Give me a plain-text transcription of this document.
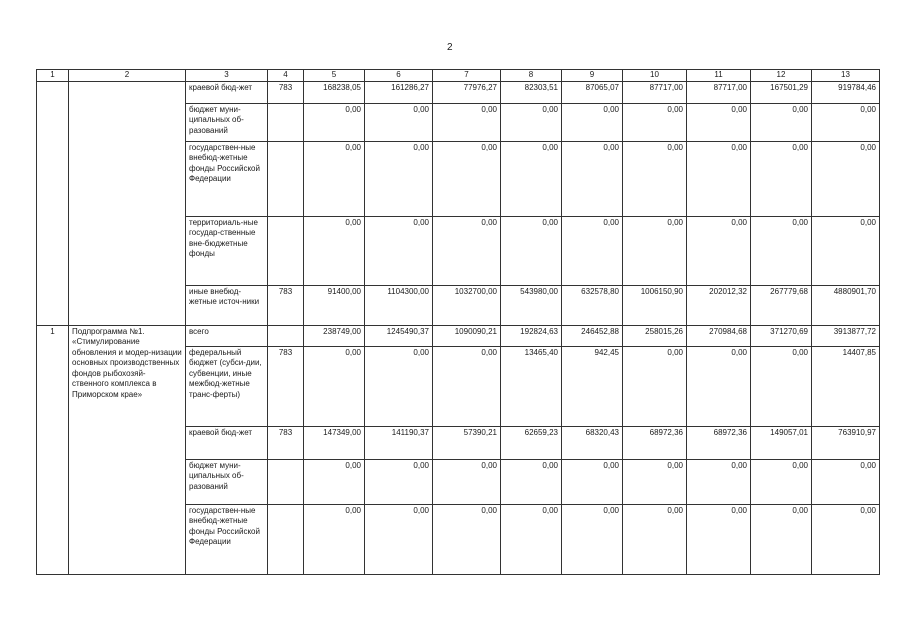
2
1	2	3	4	5	6	7	8	9	10	11	12	13
		краевой бюд-жет	783	168238,05	161286,27	77976,27	82303,51	87065,07	87717,00	87717,00	167501,29	919784,46
		бюджет муни-ципальных об-разований		0,00	0,00	0,00	0,00	0,00	0,00	0,00	0,00	0,00
		государствен-ные внебюд-жетные фонды Российской Федерации		0,00	0,00	0,00	0,00	0,00	0,00	0,00	0,00	0,00
		территориаль-ные государ-ственные вне-бюджетные фонды		0,00	0,00	0,00	0,00	0,00	0,00	0,00	0,00	0,00
		иные внебюд-жетные источ-ники	783	91400,00	1104300,00	1032700,00	543980,00	632578,80	1006150,90	202012,32	267779,68	4880901,70
1	Подпрограмма №1. «Стимулирование обновления и модер-низации основных производственных фондов рыбохозяй-ственного комплекса в Приморском крае»	всего		238749,00	1245490,37	1090090,21	192824,63	246452,88	258015,26	270984,68	371270,69	3913877,72
		федеральный бюджет (субси-дии, субвенции, иные межбюд-жетные транс-ферты)	783	0,00	0,00	0,00	13465,40	942,45	0,00	0,00	0,00	14407,85
		краевой бюд-жет	783	147349,00	141190,37	57390,21	62659,23	68320,43	68972,36	68972,36	149057,01	763910,97
		бюджет муни-ципальных об-разований		0,00	0,00	0,00	0,00	0,00	0,00	0,00	0,00	0,00
		государствен-ные внебюд-жетные фонды Российской Федерации		0,00	0,00	0,00	0,00	0,00	0,00	0,00	0,00	0,00
